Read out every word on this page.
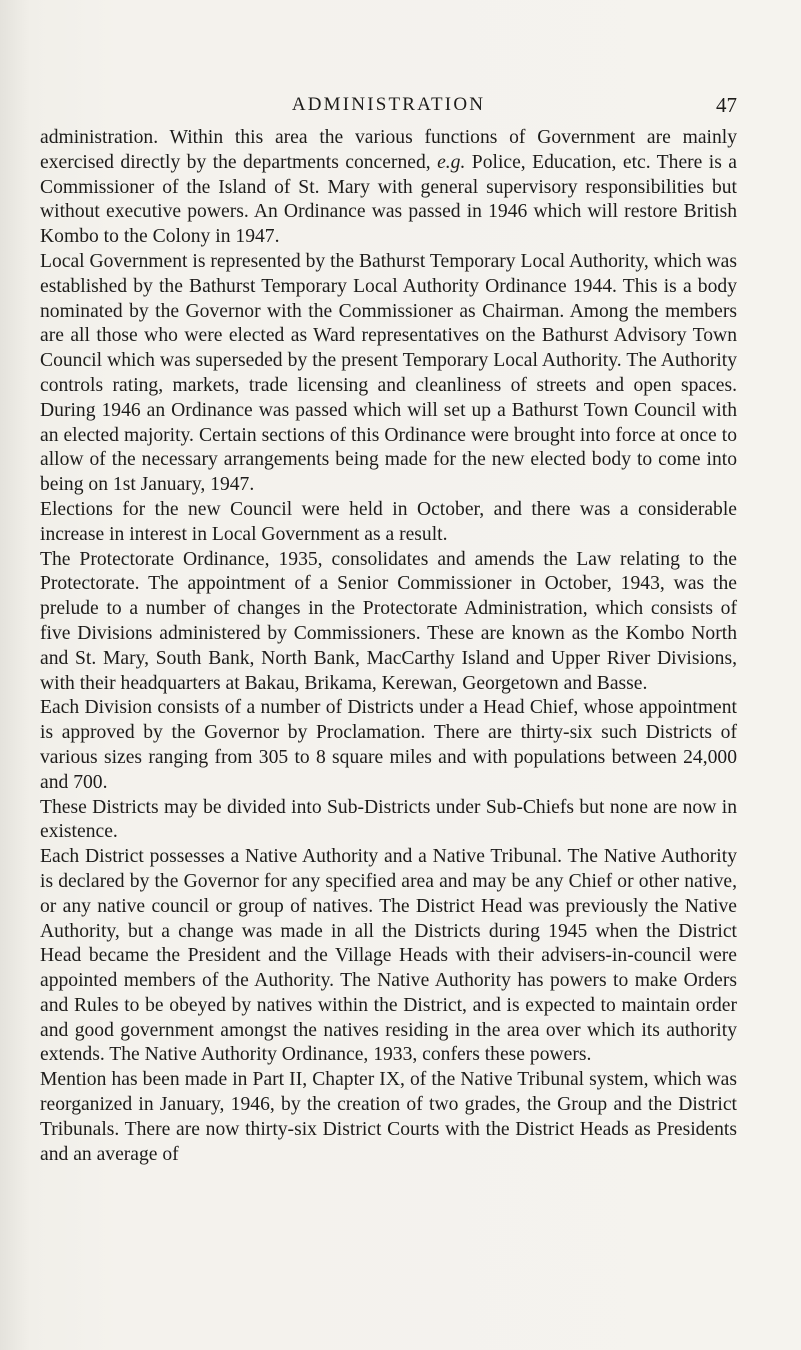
ADMINISTRATION	47

administration. Within this area the various functions of Government are mainly exercised directly by the departments concerned, e.g. Police, Education, etc. There is a Commissioner of the Island of St. Mary with general supervisory responsibilities but without executive powers. An Ordinance was passed in 1946 which will restore British Kombo to the Colony in 1947.

Local Government is represented by the Bathurst Temporary Local Authority, which was established by the Bathurst Temporary Local Authority Ordinance 1944. This is a body nominated by the Governor with the Commissioner as Chairman. Among the members are all those who were elected as Ward representatives on the Bathurst Advisory Town Council which was superseded by the present Temporary Local Authority. The Authority controls rating, markets, trade licensing and cleanliness of streets and open spaces. During 1946 an Ordinance was passed which will set up a Bathurst Town Council with an elected majority. Certain sections of this Ordinance were brought into force at once to allow of the necessary arrangements being made for the new elected body to come into being on 1st January, 1947.

Elections for the new Council were held in October, and there was a considerable increase in interest in Local Government as a result.

The Protectorate Ordinance, 1935, consolidates and amends the Law relating to the Protectorate. The appointment of a Senior Commissioner in October, 1943, was the prelude to a number of changes in the Protectorate Administration, which consists of five Divisions administered by Commissioners. These are known as the Kombo North and St. Mary, South Bank, North Bank, MacCarthy Island and Upper River Divisions, with their headquarters at Bakau, Brikama, Kerewan, Georgetown and Basse.

Each Division consists of a number of Districts under a Head Chief, whose appointment is approved by the Governor by Proclamation. There are thirty-six such Districts of various sizes ranging from 305 to 8 square miles and with populations between 24,000 and 700.

These Districts may be divided into Sub-Districts under Sub-Chiefs but none are now in existence.

Each District possesses a Native Authority and a Native Tribunal. The Native Authority is declared by the Governor for any specified area and may be any Chief or other native, or any native council or group of natives. The District Head was previously the Native Authority, but a change was made in all the Districts during 1945 when the District Head became the President and the Village Heads with their advisers-in-council were appointed members of the Authority. The Native Authority has powers to make Orders and Rules to be obeyed by natives within the District, and is expected to maintain order and good government amongst the natives residing in the area over which its authority extends. The Native Authority Ordinance, 1933, confers these powers.

Mention has been made in Part II, Chapter IX, of the Native Tribunal system, which was reorganized in January, 1946, by the creation of two grades, the Group and the District Tribunals. There are now thirty-six District Courts with the District Heads as Presidents and an average of
